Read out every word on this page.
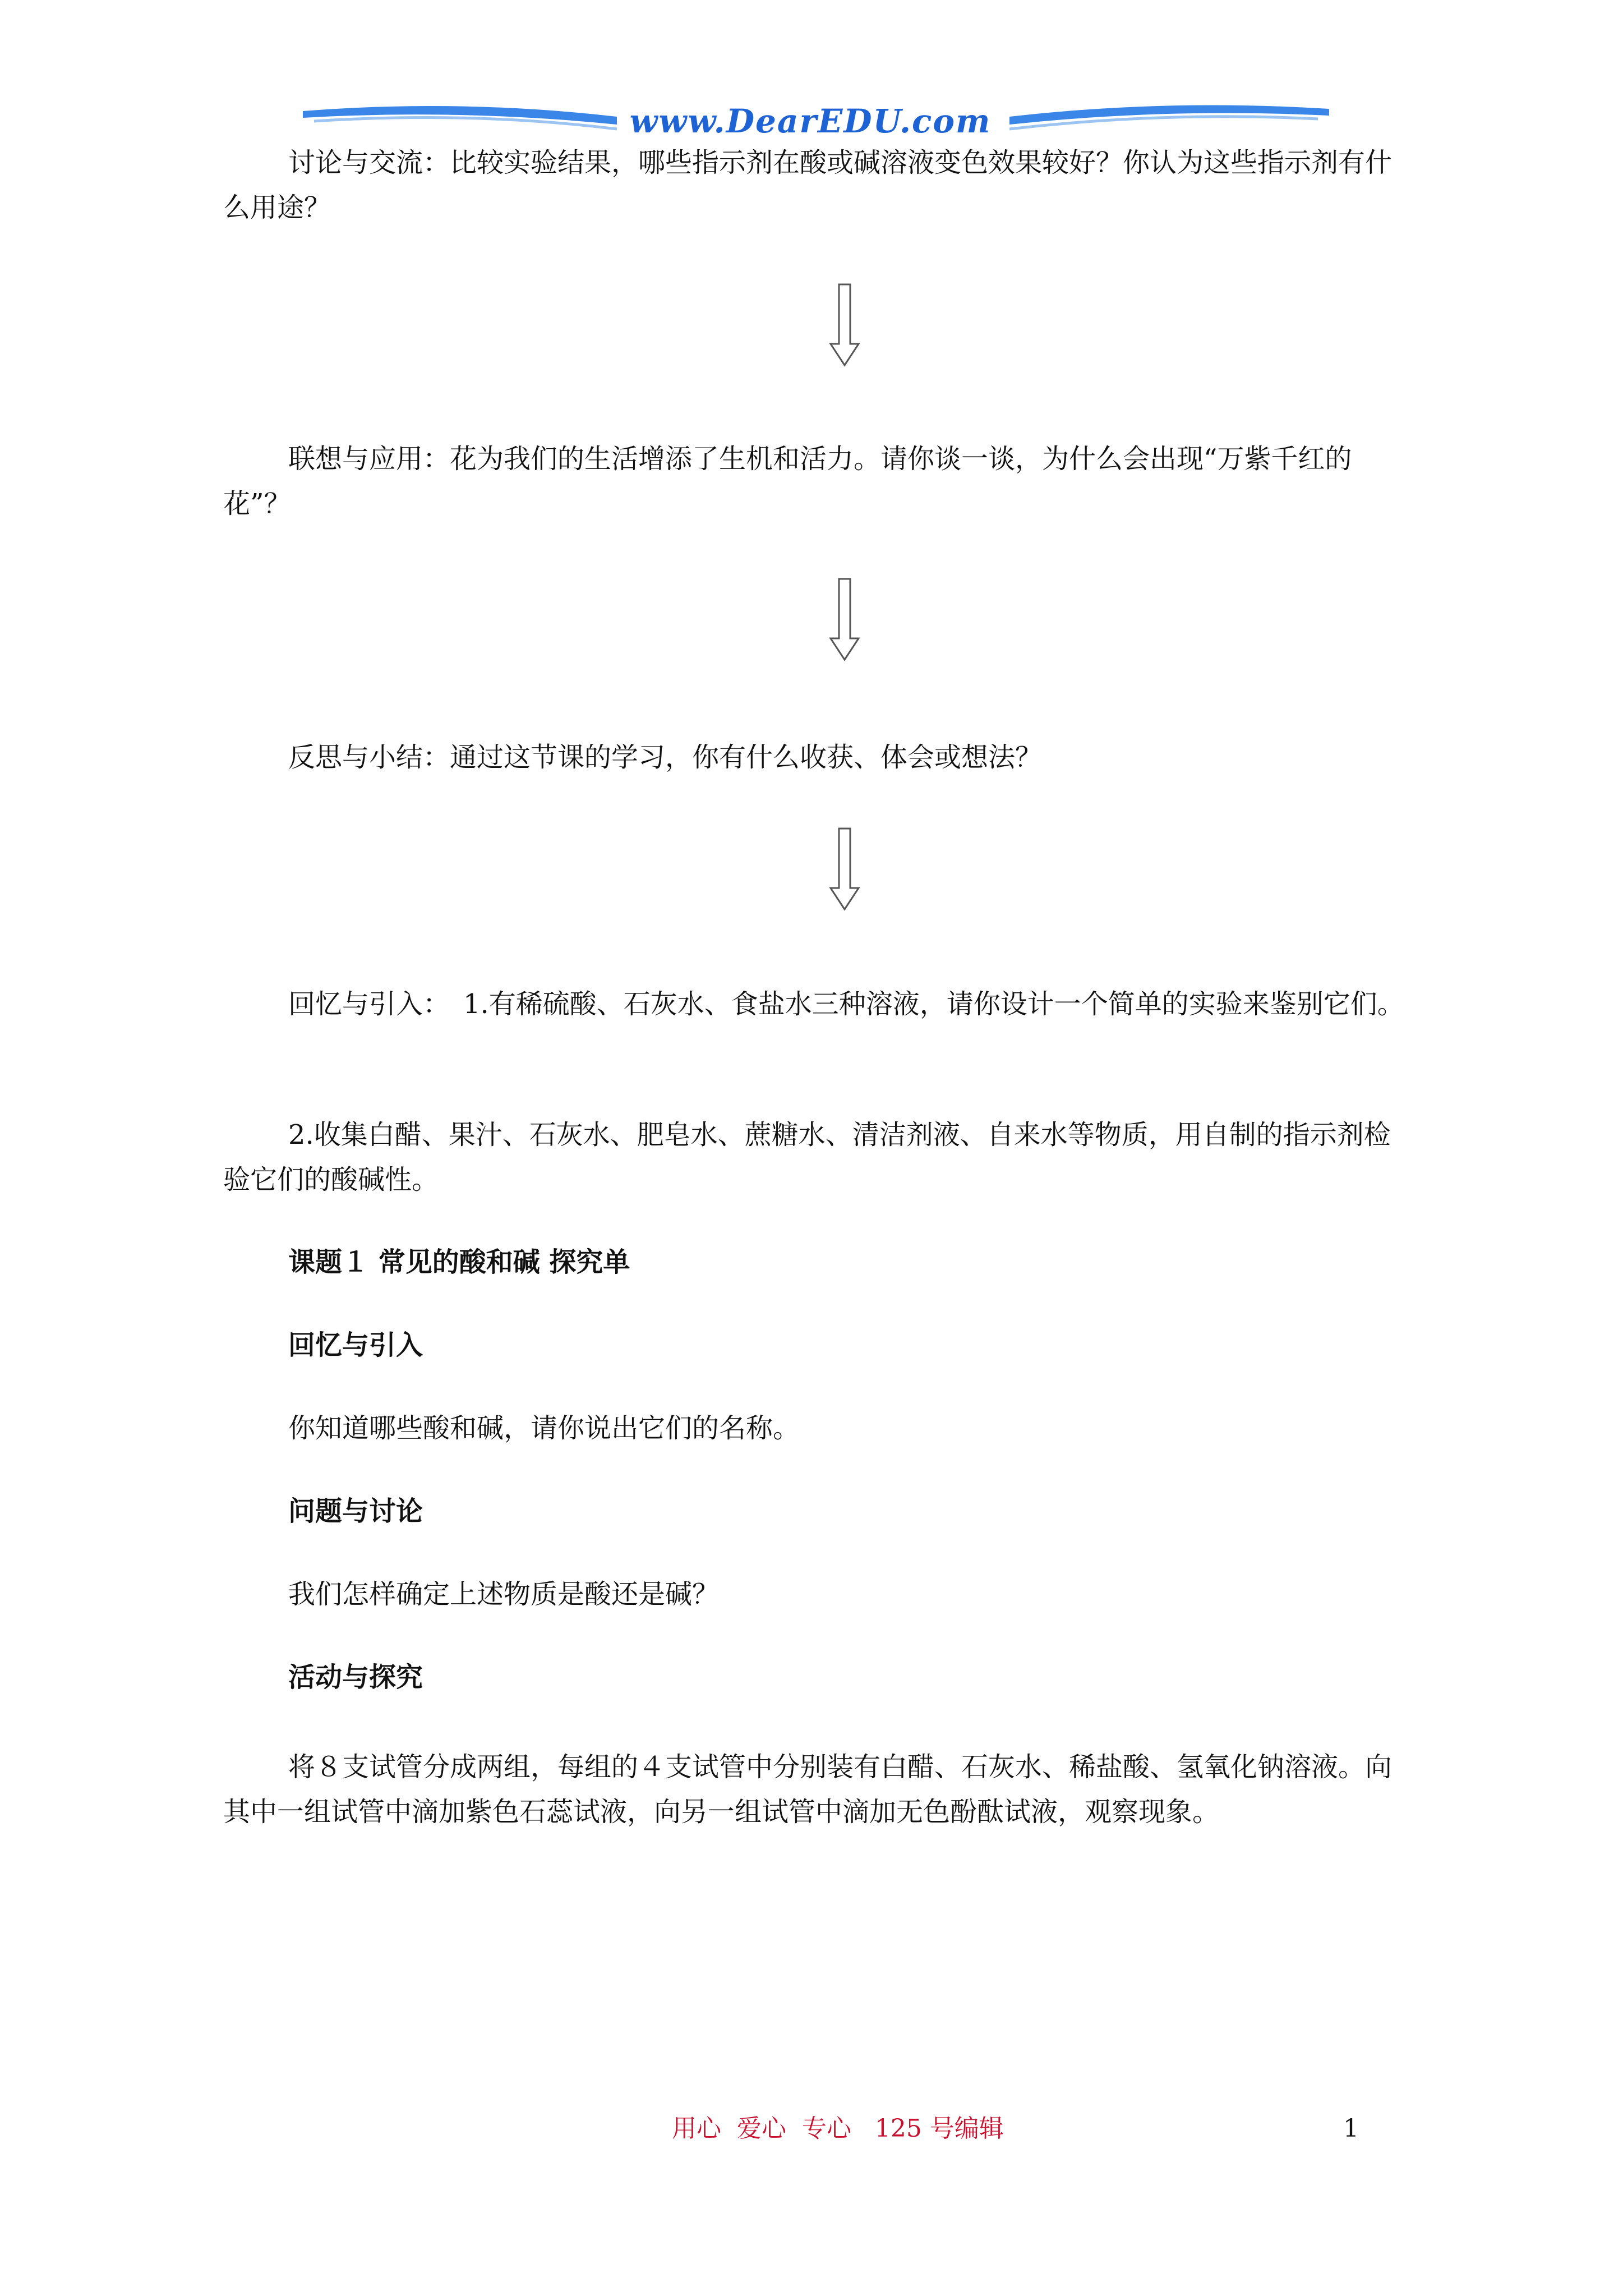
www.DearEDU.com

讨论与交流：比较实验结果，哪些指示剂在酸或碱溶液变色效果较好？你认为这些指示剂有什么用途？

联想与应用：花为我们的生活增添了生机和活力。请你谈一谈，为什么会出现“万紫千红的花”？

反思与小结：通过这节课的学习，你有什么收获、体会或想法？

回忆与引入：　1.有稀硫酸、石灰水、食盐水三种溶液，请你设计一个简单的实验来鉴别它们。

2.收集白醋、果汁、石灰水、肥皂水、蔗糖水、清洁剂液、自来水等物质，用自制的指示剂检验它们的酸碱性。

课题１ 常见的酸和碱 探究单

回忆与引入

你知道哪些酸和碱，请你说出它们的名称。

问题与讨论

我们怎样确定上述物质是酸还是碱？

活动与探究

将８支试管分成两组，每组的４支试管中分别装有白醋、石灰水、稀盐酸、氢氧化钠溶液。向其中一组试管中滴加紫色石蕊试液，向另一组试管中滴加无色酚酞试液，观察现象。

用心  爱心  专心   125 号编辑	1
